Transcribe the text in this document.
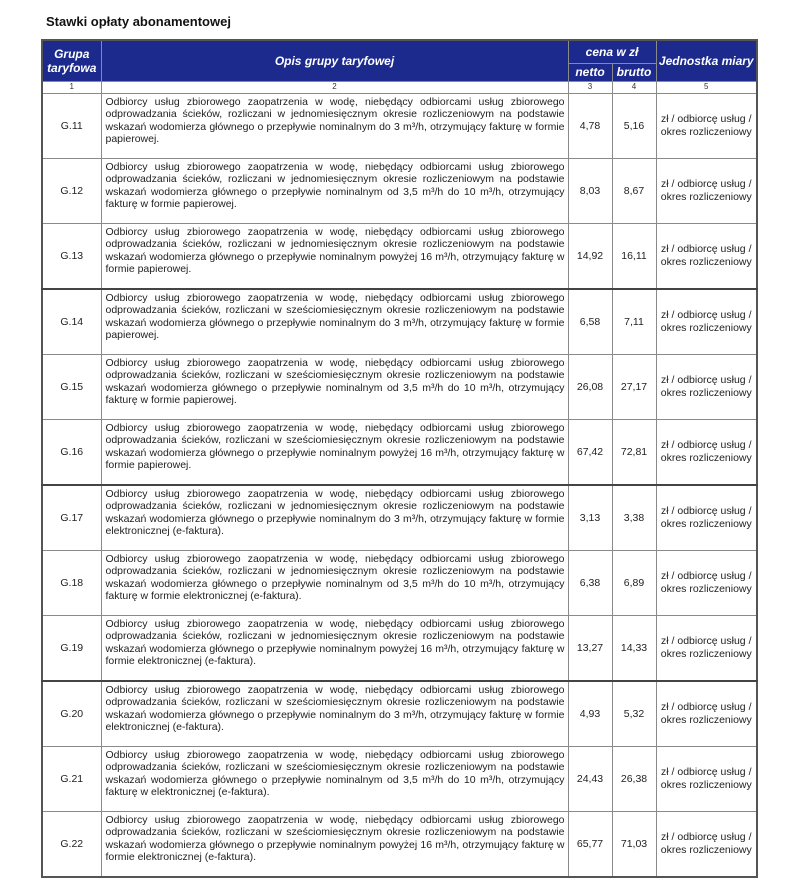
Stawki opłaty abonamentowej
Grupa taryfowa	Opis grupy taryfowej	cena w zł		Jednostka miary
		netto	brutto	
1	2	3	4	5
G.11	Odbiorcy usług zbiorowego zaopatrzenia w wodę, niebędący odbiorcami usług zbiorowego odprowadzania ścieków, rozliczani w jednomiesięcznym okresie rozliczeniowym na podstawie wskazań wodomierza głównego o przepływie nominalnym do 3 m³/h, otrzymujący fakturę w formie papierowej.	4,78	5,16	zł / odbiorcę usług / okres rozliczeniowy
G.12	Odbiorcy usług zbiorowego zaopatrzenia w wodę, niebędący odbiorcami usług zbiorowego odprowadzania ścieków, rozliczani w jednomiesięcznym okresie rozliczeniowym na podstawie wskazań wodomierza głównego o przepływie nominalnym od 3,5 m³/h do 10 m³/h, otrzymujący fakturę w formie papierowej.	8,03	8,67	zł / odbiorcę usług / okres rozliczeniowy
G.13	Odbiorcy usług zbiorowego zaopatrzenia w wodę, niebędący odbiorcami usług zbiorowego odprowadzania ścieków, rozliczani w jednomiesięcznym okresie rozliczeniowym na podstawie wskazań wodomierza głównego o przepływie nominalnym powyżej 16 m³/h, otrzymujący fakturę w formie papierowej.	14,92	16,11	zł / odbiorcę usług / okres rozliczeniowy
G.14	Odbiorcy usług zbiorowego zaopatrzenia w wodę, niebędący odbiorcami usług zbiorowego odprowadzania ścieków, rozliczani w sześciomiesięcznym okresie rozliczeniowym na podstawie wskazań wodomierza głównego o przepływie nominalnym do 3 m³/h, otrzymujący fakturę w formie papierowej.	6,58	7,11	zł / odbiorcę usług / okres rozliczeniowy
G.15	Odbiorcy usług zbiorowego zaopatrzenia w wodę, niebędący odbiorcami usług zbiorowego odprowadzania ścieków, rozliczani w sześciomiesięcznym okresie rozliczeniowym na podstawie wskazań wodomierza głównego o przepływie nominalnym od 3,5 m³/h do 10 m³/h, otrzymujący fakturę w formie papierowej.	26,08	27,17	zł / odbiorcę usług / okres rozliczeniowy
G.16	Odbiorcy usług zbiorowego zaopatrzenia w wodę, niebędący odbiorcami usług zbiorowego odprowadzania ścieków, rozliczani w sześciomiesięcznym okresie rozliczeniowym na podstawie wskazań wodomierza głównego o przepływie nominalnym powyżej 16 m³/h, otrzymujący fakturę w formie papierowej.	67,42	72,81	zł / odbiorcę usług / okres rozliczeniowy
G.17	Odbiorcy usług zbiorowego zaopatrzenia w wodę, niebędący odbiorcami usług zbiorowego odprowadzania ścieków, rozliczani w jednomiesięcznym okresie rozliczeniowym na podstawie wskazań wodomierza głównego o przepływie nominalnym do 3 m³/h, otrzymujący fakturę w formie elektronicznej (e-faktura).	3,13	3,38	zł / odbiorcę usług / okres rozliczeniowy
G.18	Odbiorcy usług zbiorowego zaopatrzenia w wodę, niebędący odbiorcami usług zbiorowego odprowadzania ścieków, rozliczani w jednomiesięcznym okresie rozliczeniowym na podstawie wskazań wodomierza głównego o przepływie nominalnym od 3,5 m³/h do 10 m³/h, otrzymujący fakturę w formie elektronicznej (e-faktura).	6,38	6,89	zł / odbiorcę usług / okres rozliczeniowy
G.19	Odbiorcy usług zbiorowego zaopatrzenia w wodę, niebędący odbiorcami usług zbiorowego odprowadzania ścieków, rozliczani w jednomiesięcznym okresie rozliczeniowym na podstawie wskazań wodomierza głównego o przepływie nominalnym powyżej 16 m³/h, otrzymujący fakturę w formie elektronicznej (e-faktura).	13,27	14,33	zł / odbiorcę usług / okres rozliczeniowy
G.20	Odbiorcy usług zbiorowego zaopatrzenia w wodę, niebędący odbiorcami usług zbiorowego odprowadzania ścieków, rozliczani w sześciomiesięcznym okresie rozliczeniowym na podstawie wskazań wodomierza głównego o przepływie nominalnym do 3 m³/h, otrzymujący fakturę w formie elektronicznej (e-faktura).	4,93	5,32	zł / odbiorcę usług / okres rozliczeniowy
G.21	Odbiorcy usług zbiorowego zaopatrzenia w wodę, niebędący odbiorcami usług zbiorowego odprowadzania ścieków, rozliczani w sześciomiesięcznym okresie rozliczeniowym na podstawie wskazań wodomierza głównego o przepływie nominalnym od 3,5 m³/h do 10 m³/h, otrzymujący fakturę w elektronicznej (e-faktura).	24,43	26,38	zł / odbiorcę usług / okres rozliczeniowy
G.22	Odbiorcy usług zbiorowego zaopatrzenia w wodę, niebędący odbiorcami usług zbiorowego odprowadzania ścieków, rozliczani w sześciomiesięcznym okresie rozliczeniowym na podstawie wskazań wodomierza głównego o przepływie nominalnym powyżej 16 m³/h, otrzymujący fakturę w formie elektronicznej (e-faktura).	65,77	71,03	zł / odbiorcę usług / okres rozliczeniowy
